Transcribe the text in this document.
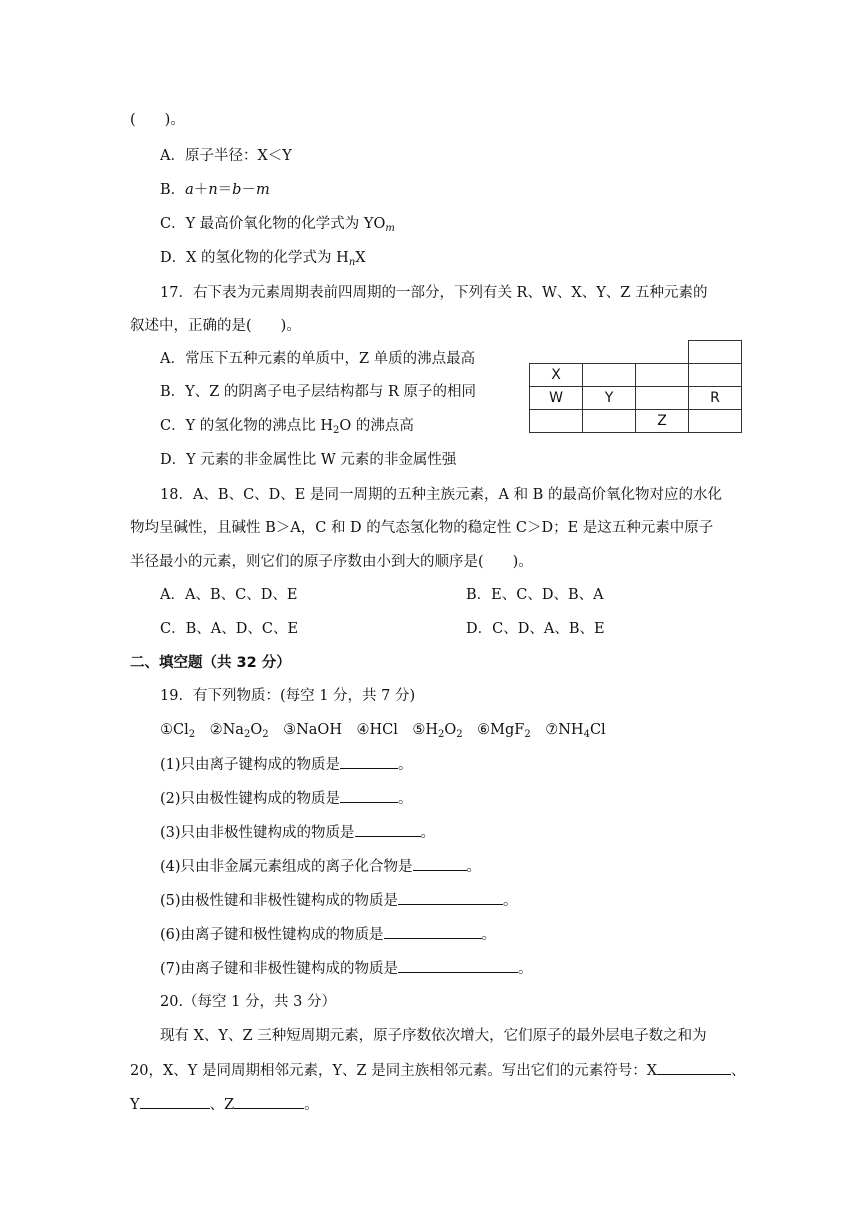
(　　)。
A．原子半径：X＜Y
B．a＋n＝b－m
C．Y 最高价氧化物的化学式为 $YO_m$
D．X 的氢化物的化学式为 $H_nX$
17．右下表为元素周期表前四周期的一部分，下列有关 R、W、X、Y、Z 五种元素的
叙述中，正确的是(　　)。
A．常压下五种元素的单质中，Z 单质的沸点最高
B．Y、Z 的阴离子电子层结构都与 R 原子的相同
C．Y 的氢化物的沸点比 $H_2O$ 的沸点高
D．Y 元素的非金属性比 W 元素的非金属性强

X			
W	Y		R
		Z	
18．A、B、C、D、E 是同一周期的五种主族元素，A 和 B 的最高价氧化物对应的水化
物均呈碱性，且碱性 B＞A，C 和 D 的气态氢化物的稳定性 C＞D；E 是这五种元素中原子
半径最小的元素，则它们的原子序数由小到大的顺序是(　　)。
A．A、B、C、D、E	B．E、C、D、B、A
C．B、A、D、C、E	D．C、D、A、B、E
二、填空题（共 32 分）
19．有下列物质：(每空 1 分，共 7 分)
$①Cl_2$  $②Na_2O_2$  ③NaOH  ④HCl  $⑤H_2O_2$  ⑥MgF$_2$  $⑦NH_4Cl$
(1)只由离子键构成的物质是	。
(2)只由极性键构成的物质是	。
(3)只由非极性键构成的物质是	。
(4)只由非金属元素组成的离子化合物是	。
(5)由极性键和非极性键构成的物质是	。
(6)由离子键和极性键构成的物质是	。
(7)由离子键和非极性键构成的物质是	。
20.（每空 1 分，共 3 分）
现有 X、Y、Z 三种短周期元素，原子序数依次增大，它们原子的最外层电子数之和为
20，X、Y 是同周期相邻元素，Y、Z 是同主族相邻元素。写出它们的元素符号：X	、
Y	、Z	。
